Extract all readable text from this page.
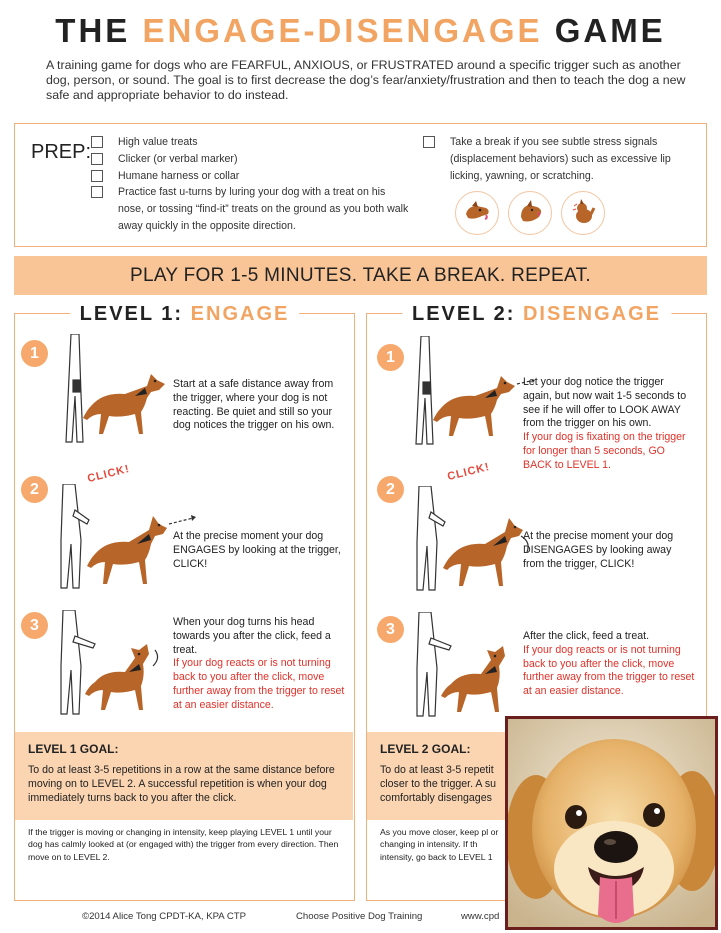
THE ENGAGE-DISENGAGE GAME

A training game for dogs who are FEARFUL, ANXIOUS, or FRUSTRATED around a specific trigger such as another dog, person, or sound. The goal is to first decrease the dog’s fear/anxiety/frustration and then to teach the dog a new safe and appropriate behavior to do instead.

PREP:	High value treats
Clicker (or verbal marker)
Humane harness or collar
Practice fast u-turns by luring your dog with a treat on his nose, or tossing “find-it” treats on the ground as you both walk away quickly in the opposite direction.

Take a break if you see subtle stress signals (displacement behaviors) such as excessive lip licking, yawning, or scratching.

PLAY FOR 1-5 MINUTES. TAKE A BREAK. REPEAT.
LEVEL 1: ENGAGE
1
Start at a safe distance away from the trigger, where your dog is not reacting. Be quiet and still so your dog notices the trigger on his own.
2
CLICK!
At the precise moment your dog ENGAGES by looking at the trigger, CLICK!
3	When your dog turns his head towards you after the click, feed a treat.
If your dog reacts or is not turning back to you after the click, move further away from the trigger to reset at an easier distance.
LEVEL 1 GOAL:
To do at least 3-5 repetitions in a row at the same distance before moving on to LEVEL 2. A successful repetition is when your dog immediately turns back to you after the click.
If the trigger is moving or changing in intensity, keep playing LEVEL 1 until your dog has calmly looked at (or engaged with) the trigger from every direction. Then move on to LEVEL 2.
LEVEL 2: DISENGAGE
1
Let your dog notice the trigger again, but now wait 1-5 seconds to see if he will offer to LOOK AWAY from the trigger on his own.
If your dog is fixating on the trigger for longer than 5 seconds, GO BACK to LEVEL 1.
2
CLICK!
At the precise moment your dog DISENGAGES by looking away from the trigger, CLICK!
3	After the click, feed a treat.
If your dog reacts or is not turning back to you after the click, move further away from the trigger to reset at an easier distance.
LEVEL 2 GOAL:
To do at least 3-5 repetit closer to the trigger. A su comfortably disengages
As you move closer, keep pl or changing in intensity. If th intensity, go back to LEVEL 1
©2014 Alice Tong CPDT-KA, KPA CTP	Choose Positive Dog Training	www.cpd
